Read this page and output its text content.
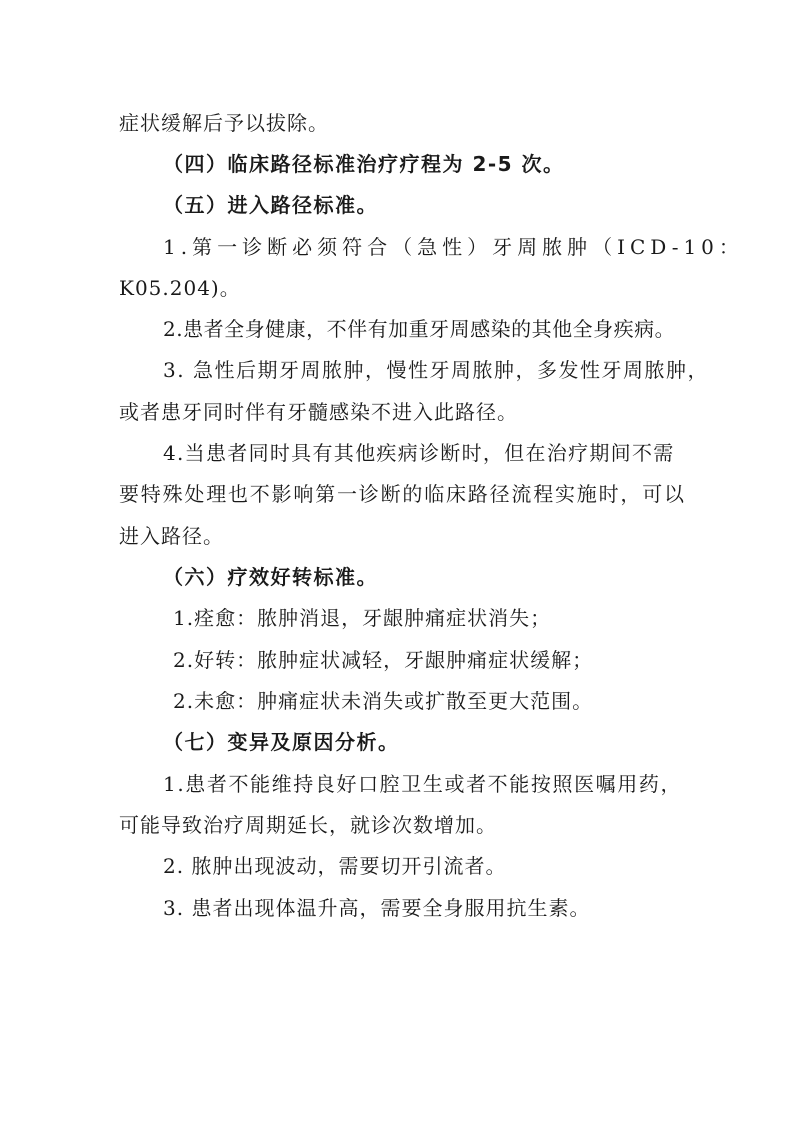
症状缓解后予以拔除。
（四）临床路径标准治疗疗程为 2-5 次。
（五）进入路径标准。
1.第一诊断必须符合（急性）牙周脓肿（ICD-10：
K05.204)。
2.患者全身健康，不伴有加重牙周感染的其他全身疾病。
3. 急性后期牙周脓肿，慢性牙周脓肿，多发性牙周脓肿，
或者患牙同时伴有牙髓感染不进入此路径。
4.当患者同时具有其他疾病诊断时，但在治疗期间不需
要特殊处理也不影响第一诊断的临床路径流程实施时，可以
进入路径。
（六）疗效好转标准。
1.痊愈：脓肿消退，牙龈肿痛症状消失；
2.好转：脓肿症状减轻，牙龈肿痛症状缓解；
2.未愈：肿痛症状未消失或扩散至更大范围。
（七）变异及原因分析。
1.患者不能维持良好口腔卫生或者不能按照医嘱用药，
可能导致治疗周期延长，就诊次数增加。
2. 脓肿出现波动，需要切开引流者。
3. 患者出现体温升高，需要全身服用抗生素。
